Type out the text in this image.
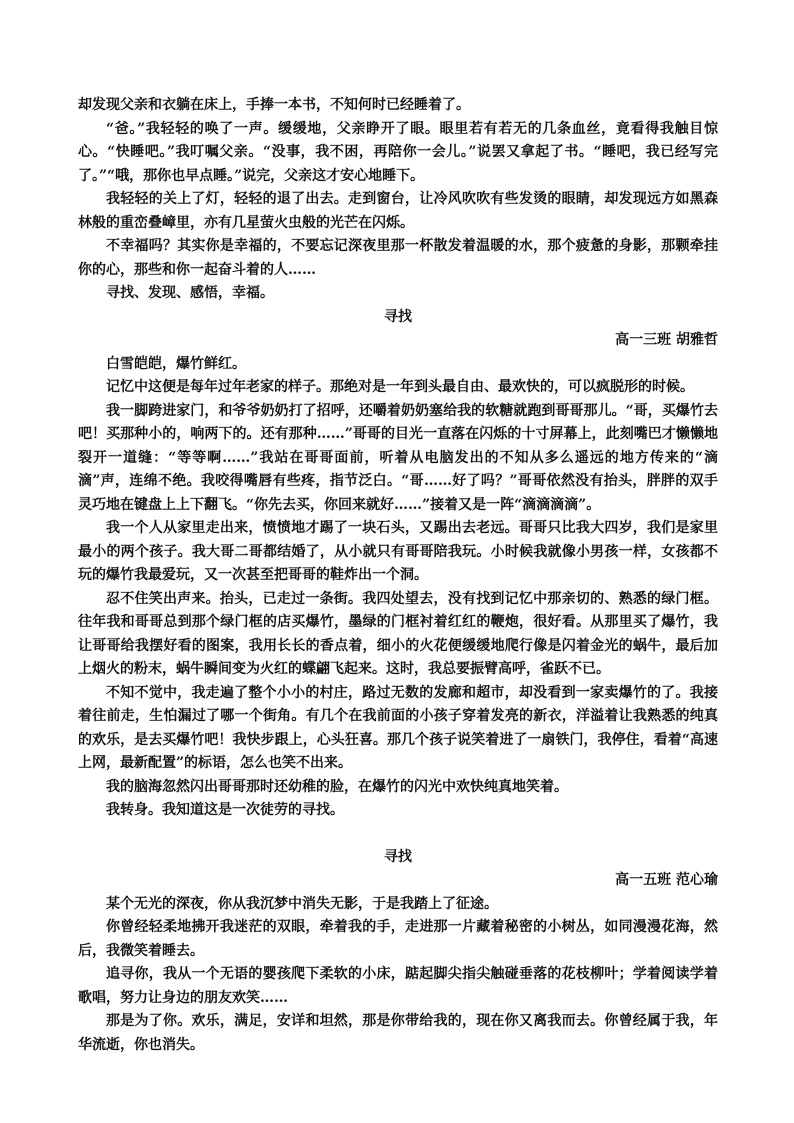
却发现父亲和衣躺在床上，手捧一本书，不知何时已经睡着了。

“爸。”我轻轻的唤了一声。缓缓地，父亲睁开了眼。眼里若有若无的几条血丝，竟看得我触目惊心。“快睡吧。”我叮嘱父亲。“没事，我不困，再陪你一会儿。”说罢又拿起了书。“睡吧，我已经写完了。”“哦，那你也早点睡。”说完，父亲这才安心地睡下。

我轻轻的关上了灯，轻轻的退了出去。走到窗台，让冷风吹吹有些发烫的眼睛，却发现远方如黑森林般的重峦叠嶂里，亦有几星萤火虫般的光芒在闪烁。

不幸福吗？其实你是幸福的，不要忘记深夜里那一杯散发着温暖的水，那个疲惫的身影，那颗牵挂你的心，那些和你一起奋斗着的人……

寻找、发现、感悟，幸福。

寻找

高一三班 胡雅哲

白雪皑皑，爆竹鲜红。

记忆中这便是每年过年老家的样子。那绝对是一年到头最自由、最欢快的，可以疯脱形的时候。

我一脚跨进家门，和爷爷奶奶打了招呼，还嚼着奶奶塞给我的软糖就跑到哥哥那儿。“哥，买爆竹去吧！买那种小的，响两下的。还有那种……”哥哥的目光一直落在闪烁的十寸屏幕上，此刻嘴巴才懒懒地裂开一道缝：“等等啊……”我站在哥哥面前，听着从电脑发出的不知从多么遥远的地方传来的“滴滴”声，连绵不绝。我咬得嘴唇有些疼，指节泛白。“哥……好了吗？”哥哥依然没有抬头，胖胖的双手灵巧地在键盘上上下翻飞。“你先去买，你回来就好……”接着又是一阵“滴滴滴滴”。

我一个人从家里走出来，愤愤地才踢了一块石头，又踢出去老远。哥哥只比我大四岁，我们是家里最小的两个孩子。我大哥二哥都结婚了，从小就只有哥哥陪我玩。小时候我就像小男孩一样，女孩都不玩的爆竹我最爱玩，又一次甚至把哥哥的鞋炸出一个洞。

忍不住笑出声来。抬头，已走过一条街。我四处望去，没有找到记忆中那亲切的、熟悉的绿门框。往年我和哥哥总到那个绿门框的店买爆竹，墨绿的门框衬着红红的鞭炮，很好看。从那里买了爆竹，我让哥哥给我摆好看的图案，我用长长的香点着，细小的火花便缓缓地爬行像是闪着金光的蜗牛，最后加上烟火的粉末，蜗牛瞬间变为火红的蝶翩飞起来。这时，我总要振臂高呼，雀跃不已。

不知不觉中，我走遍了整个小小的村庄，路过无数的发廊和超市，却没看到一家卖爆竹的了。我接着往前走，生怕漏过了哪一个街角。有几个在我前面的小孩子穿着发亮的新衣，洋溢着让我熟悉的纯真的欢乐，是去买爆竹吧！我快步跟上，心头狂喜。那几个孩子说笑着进了一扇铁门，我停住，看着“高速上网，最新配置”的标语，怎么也笑不出来。

我的脑海忽然闪出哥哥那时还幼稚的脸，在爆竹的闪光中欢快纯真地笑着。

我转身。我知道这是一次徒劳的寻找。

寻找

高一五班 范心瑜

某个无光的深夜，你从我沉梦中消失无影，于是我踏上了征途。

你曾经轻柔地拂开我迷茫的双眼，牵着我的手，走进那一片藏着秘密的小树丛，如同漫漫花海，然后，我微笑着睡去。

追寻你，我从一个无语的婴孩爬下柔软的小床，踮起脚尖指尖触碰垂落的花枝柳叶；学着阅读学着歌唱，努力让身边的朋友欢笑……

那是为了你。欢乐，满足，安详和坦然，那是你带给我的，现在你又离我而去。你曾经属于我，年华流逝，你也消失。
